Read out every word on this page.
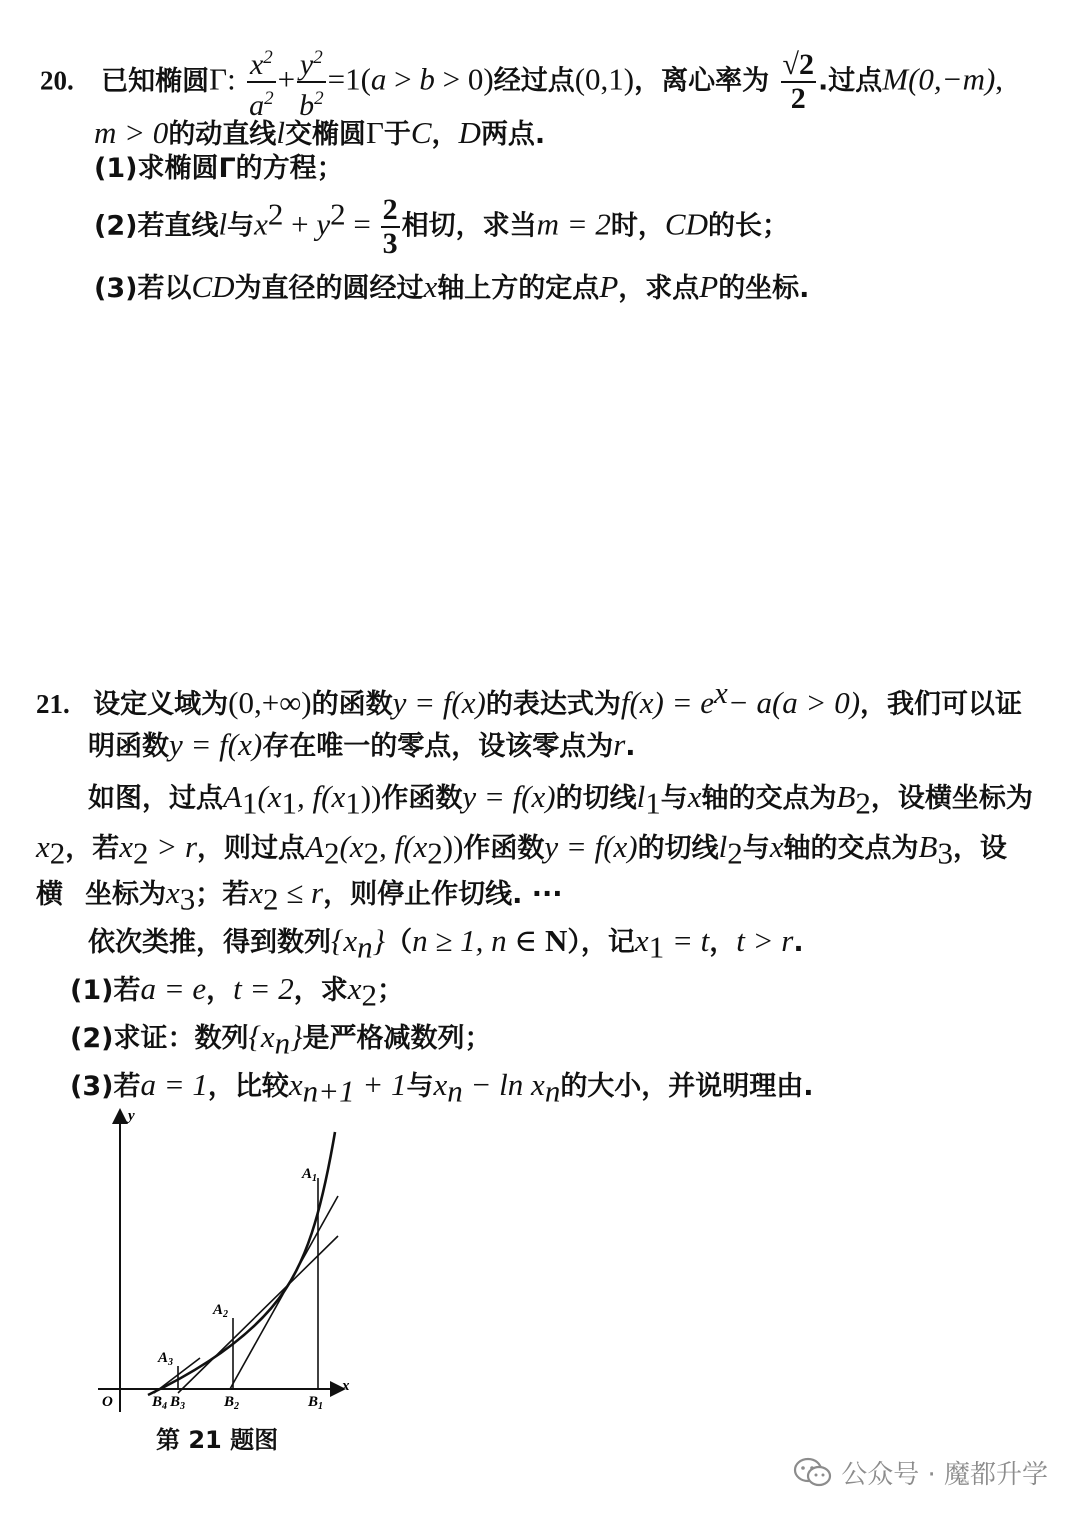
20. 已知椭圆Γ: $\frac{x^2}{a^2} + \frac{y^2}{b^2} =1(a > b > 0)$经过点(0,1)，离心率为 $\frac{√2}{2}$ .过点M(0,−m),
m > 0的动直线l交椭圆Γ于C，D两点.
(1)求椭圆Γ的方程；
(2)若直线l与$x^2 + y^2 = \frac{2}{3}$ 相切，求当m = 2时，CD的长；
(3)若以CD为直径的圆经过x轴上方的定点P，求点P的坐标.
21. 设定义域为(0,+∞)的函数y = f(x)的表达式为$f(x) = e^x- a(a > 0)$，我们可以证
明函数y = f(x)存在唯一的零点，设该零点为r.
如图，过点$A_1(x_1$, $f(x_1)$)作函数y = f(x)的切线$l_1$与x轴的交点为$B_2$，设横坐标为
$x_2$，若$x_2 > r$，则过点$A_2(x_2$, $f(x_2)$)作函数y = f(x)的切线$l_2$与x轴的交点为$B_3$，设
横 坐标为$x_3$；若$x_2 \le r$，则停止作切线. ···
依次类推，得到数列$\{x_n\}(n \ge 1$, n ∈ N），记$x_1 = t$，t > r.
(1)若a = e，t = 2，求$x_2$；
(2)求证：数列$\{x_n\}$是严格减数列；
(3)若a = 1，比较$x_{n+1} + 1$与$x_n - \ln x_n$的大小，并说明理由.
x
y
O
$A_1$
$A_2$
$A_3$
$B_1$
$B_2$
$B_3$
$B_4$
第 21 题图
公众号 · 魔都升学
